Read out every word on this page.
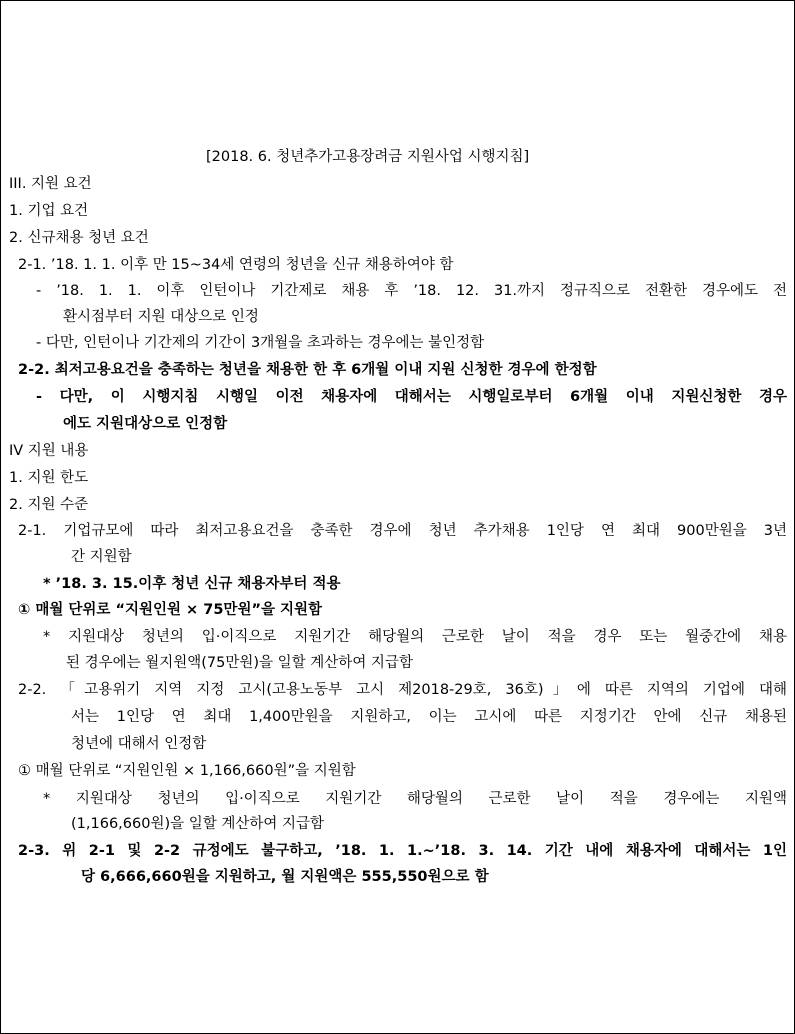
[2018. 6. 청년추가고용장려금 지원사업 시행지침]
III. 지원 요건
1. 기업 요건
2. 신규채용 청년 요건
2-1. ’18. 1. 1. 이후 만 15~34세 연령의 청년을 신규 채용하여야 함
- ’18. 1. 1. 이후 인턴이나 기간제로 채용 후 ’18. 12. 31.까지 정규직으로 전환한 경우에도 전
환시점부터 지원 대상으로 인정
- 다만, 인턴이나 기간제의 기간이 3개월을 초과하는 경우에는 불인정함
2-2. 최저고용요건을 충족하는 청년을 채용한 한 후 6개월 이내 지원 신청한 경우에 한정함
- 다만, 이 시행지침 시행일 이전 채용자에 대해서는 시행일로부터 6개월 이내 지원신청한 경우
에도 지원대상으로 인정함
IV 지원 내용
1. 지원 한도
2. 지원 수준
2-1. 기업규모에 따라 최저고용요건을 충족한 경우에 청년 추가채용 1인당 연 최대 900만원을 3년
간 지원함
* ’18. 3. 15.이후 청년 신규 채용자부터 적용
① 매월 단위로 “지원인원 × 75만원”을 지원함
* 지원대상 청년의 입·이직으로 지원기간 해당월의 근로한 날이 적을 경우 또는 월중간에 채용
된 경우에는 월지원액(75만원)을 일할 계산하여 지급함
2-2. 「고용위기 지역 지정 고시(고용노동부 고시 제2018-29호, 36호)」에 따른 지역의 기업에 대해
서는 1인당 연 최대 1,400만원을 지원하고, 이는 고시에 따른 지정기간 안에 신규 채용된
청년에 대해서 인정함
① 매월 단위로 “지원인원 × 1,166,660원”을 지원함
* 지원대상 청년의 입·이직으로 지원기간 해당월의 근로한 날이 적을 경우에는 지원액
(1,166,660원)을 일할 계산하여 지급함
2-3. 위 2-1 및 2-2 규정에도 불구하고, ’18. 1. 1.~’18. 3. 14. 기간 내에 채용자에 대해서는 1인
당 6,666,660원을 지원하고, 월 지원액은 555,550원으로 함
